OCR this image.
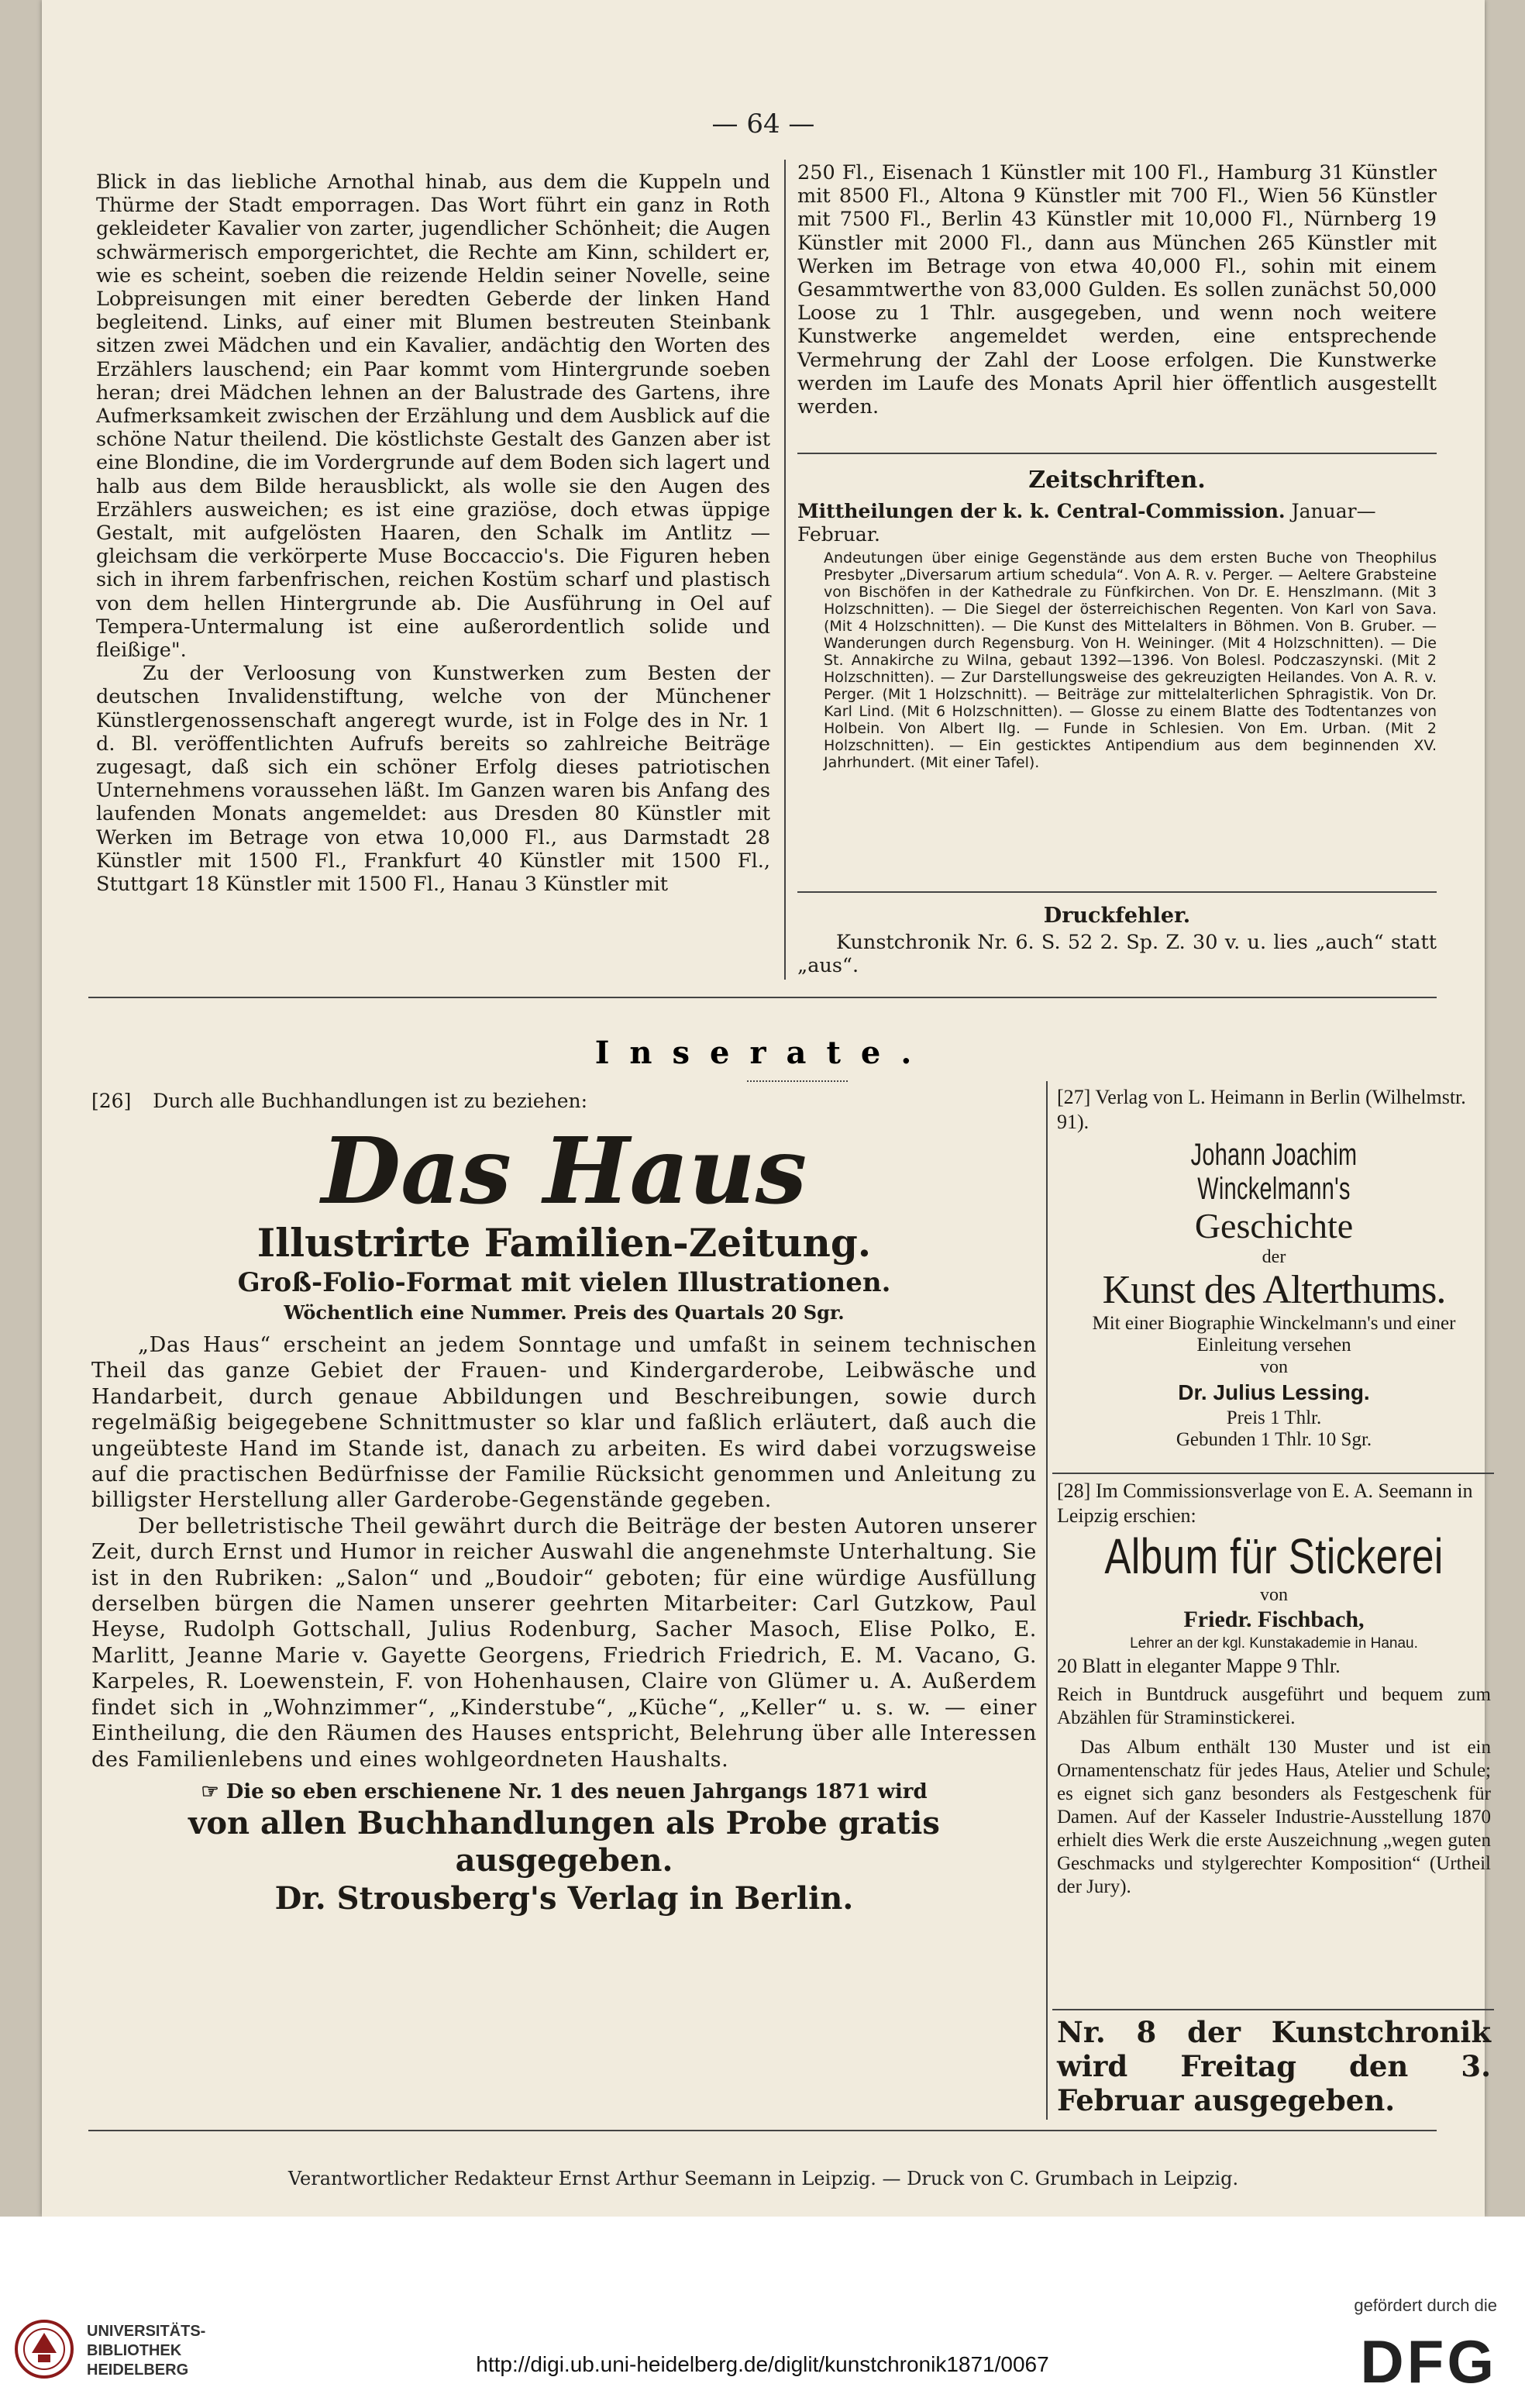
— 64 —

Blick in das liebliche Arnothal hinab, aus dem die Kuppeln und Thürme der Stadt emporragen. Das Wort führt ein ganz in Roth gekleideter Kavalier von zarter, jugendlicher Schönheit; die Augen schwärmerisch emporgerichtet, die Rechte am Kinn, schildert er, wie es scheint, soeben die reizende Heldin seiner Novelle, seine Lobpreisungen mit einer beredten Geberde der linken Hand begleitend. Links, auf einer mit Blumen bestreuten Steinbank sitzen zwei Mädchen und ein Kavalier, andächtig den Worten des Erzählers lauschend; ein Paar kommt vom Hintergrunde soeben heran; drei Mädchen lehnen an der Balustrade des Gartens, ihre Aufmerksamkeit zwischen der Erzählung und dem Ausblick auf die schöne Natur theilend. Die köstlichste Gestalt des Ganzen aber ist eine Blondine, die im Vordergrunde auf dem Boden sich lagert und halb aus dem Bilde herausblickt, als wolle sie den Augen des Erzählers ausweichen; es ist eine graziöse, doch etwas üppige Gestalt, mit aufgelösten Haaren, den Schalk im Antlitz — gleichsam die verkörperte Muse Boccaccio's. Die Figuren heben sich in ihrem farbenfrischen, reichen Kostüm scharf und plastisch von dem hellen Hintergrunde ab. Die Ausführung in Oel auf Tempera-Untermalung ist eine außerordentlich solide und fleißige".

Zu der Verloosung von Kunstwerken zum Besten der deutschen Invalidenstiftung, welche von der Münchener Künstlergenossenschaft angeregt wurde, ist in Folge des in Nr. 1 d. Bl. veröffentlichten Aufrufs bereits so zahlreiche Beiträge zugesagt, daß sich ein schöner Erfolg dieses patriotischen Unternehmens voraussehen läßt. Im Ganzen waren bis Anfang des laufenden Monats angemeldet: aus Dresden 80 Künstler mit Werken im Betrage von etwa 10,000 Fl., aus Darmstadt 28 Künstler mit 1500 Fl., Frankfurt 40 Künstler mit 1500 Fl., Stuttgart 18 Künstler mit 1500 Fl., Hanau 3 Künstler mit

250 Fl., Eisenach 1 Künstler mit 100 Fl., Hamburg 31 Künstler mit 8500 Fl., Altona 9 Künstler mit 700 Fl., Wien 56 Künstler mit 7500 Fl., Berlin 43 Künstler mit 10,000 Fl., Nürnberg 19 Künstler mit 2000 Fl., dann aus München 265 Künstler mit Werken im Betrage von etwa 40,000 Fl., sohin mit einem Gesammtwerthe von 83,000 Gulden. Es sollen zunächst 50,000 Loose zu 1 Thlr. ausgegeben, und wenn noch weitere Kunstwerke angemeldet werden, eine entsprechende Vermehrung der Zahl der Loose erfolgen. Die Kunstwerke werden im Laufe des Monats April hier öffentlich ausgestellt werden.

Zeitschriften.
Mittheilungen der k. k. Central-Commission. Januar—Februar.
Andeutungen über einige Gegenstände aus dem ersten Buche von Theophilus Presbyter „Diversarum artium schedula“. Von A. R. v. Perger. — Aeltere Grabsteine von Bischöfen in der Kathedrale zu Fünfkirchen. Von Dr. E. Henszlmann. (Mit 3 Holzschnitten). — Die Siegel der österreichischen Regenten. Von Karl von Sava. (Mit 4 Holzschnitten). — Die Kunst des Mittelalters in Böhmen. Von B. Gruber. — Wanderungen durch Regensburg. Von H. Weininger. (Mit 4 Holzschnitten). — Die St. Annakirche zu Wilna, gebaut 1392—1396. Von Bolesl. Podczaszynski. (Mit 2 Holzschnitten). — Zur Darstellungsweise des gekreuzigten Heilandes. Von A. R. v. Perger. (Mit 1 Holzschnitt). — Beiträge zur mittelalterlichen Sphragistik. Von Dr. Karl Lind. (Mit 6 Holzschnitten). — Glosse zu einem Blatte des Todtentanzes von Holbein. Von Albert Ilg. — Funde in Schlesien. Von Em. Urban. (Mit 2 Holzschnitten). — Ein gesticktes Antipendium aus dem beginnenden XV. Jahrhundert. (Mit einer Tafel).
Druckfehler.
Kunstchronik Nr. 6. S. 52 2. Sp. Z. 30 v. u. lies „auch“ statt „aus“.
Inserate.
[26] Durch alle Buchhandlungen ist zu beziehen:
Das Haus
Illustrirte Familien-Zeitung.
Groß-Folio-Format mit vielen Illustrationen.
Wöchentlich eine Nummer. Preis des Quartals 20 Sgr.
„Das Haus“ erscheint an jedem Sonntage und umfaßt in seinem technischen Theil das ganze Gebiet der Frauen- und Kindergarderobe, Leibwäsche und Handarbeit, durch genaue Abbildungen und Beschreibungen, sowie durch regelmäßig beigegebene Schnittmuster so klar und faßlich erläutert, daß auch die ungeübteste Hand im Stande ist, danach zu arbeiten. Es wird dabei vorzugsweise auf die practischen Bedürfnisse der Familie Rücksicht genommen und Anleitung zu billigster Herstellung aller Garderobe-Gegenstände gegeben.
Der belletristische Theil gewährt durch die Beiträge der besten Autoren unserer Zeit, durch Ernst und Humor in reicher Auswahl die angenehmste Unterhaltung. Sie ist in den Rubriken: „Salon“ und „Boudoir“ geboten; für eine würdige Ausfüllung derselben bürgen die Namen unserer geehrten Mitarbeiter: Carl Gutzkow, Paul Heyse, Rudolph Gottschall, Julius Rodenburg, Sacher Masoch, Elise Polko, E. Marlitt, Jeanne Marie v. Gayette Georgens, Friedrich Friedrich, E. M. Vacano, G. Karpeles, R. Loewenstein, F. von Hohenhausen, Claire von Glümer u. A. Außerdem findet sich in „Wohnzimmer“, „Kinderstube“, „Küche“, „Keller“ u. s. w. — einer Eintheilung, die den Räumen des Hauses entspricht, Belehrung über alle Interessen des Familienlebens und eines wohlgeordneten Haushalts.
☞ Die so eben erschienene Nr. 1 des neuen Jahrgangs 1871 wird
von allen Buchhandlungen als Probe gratis ausgegeben.
Dr. Strousberg's Verlag in Berlin.
[27] Verlag von L. Heimann in Berlin (Wilhelmstr. 91).
Johann Joachim Winckelmann's
Geschichte
der
Kunst des Alterthums.
Mit einer Biographie Winckelmann's und einer Einleitung versehen
von
Dr. Julius Lessing.
Preis 1 Thlr.
Gebunden 1 Thlr. 10 Sgr.
[28] Im Commissionsverlage von E. A. Seemann in Leipzig erschien:
Album für Stickerei
von
Friedr. Fischbach,
Lehrer an der kgl. Kunstakademie in Hanau.
20 Blatt in eleganter Mappe 9 Thlr.
Reich in Buntdruck ausgeführt und bequem zum Abzählen für Straminstickerei.
Das Album enthält 130 Muster und ist ein Ornamentenschatz für jedes Haus, Atelier und Schule; es eignet sich ganz besonders als Festgeschenk für Damen. Auf der Kasseler Industrie-Ausstellung 1870 erhielt dies Werk die erste Auszeichnung „wegen guten Geschmacks und stylgerechter Komposition“ (Urtheil der Jury).
Nr. 8 der Kunstchronik wird Freitag den 3. Februar ausgegeben.
Verantwortlicher Redakteur Ernst Arthur Seemann in Leipzig. — Druck von C. Grumbach in Leipzig.
UNIVERSITÄTS-
BIBLIOTHEK
HEIDELBERG	http://digi.ub.uni-heidelberg.de/diglit/kunstchronik1871/0067
gefördert durch die
DFG
